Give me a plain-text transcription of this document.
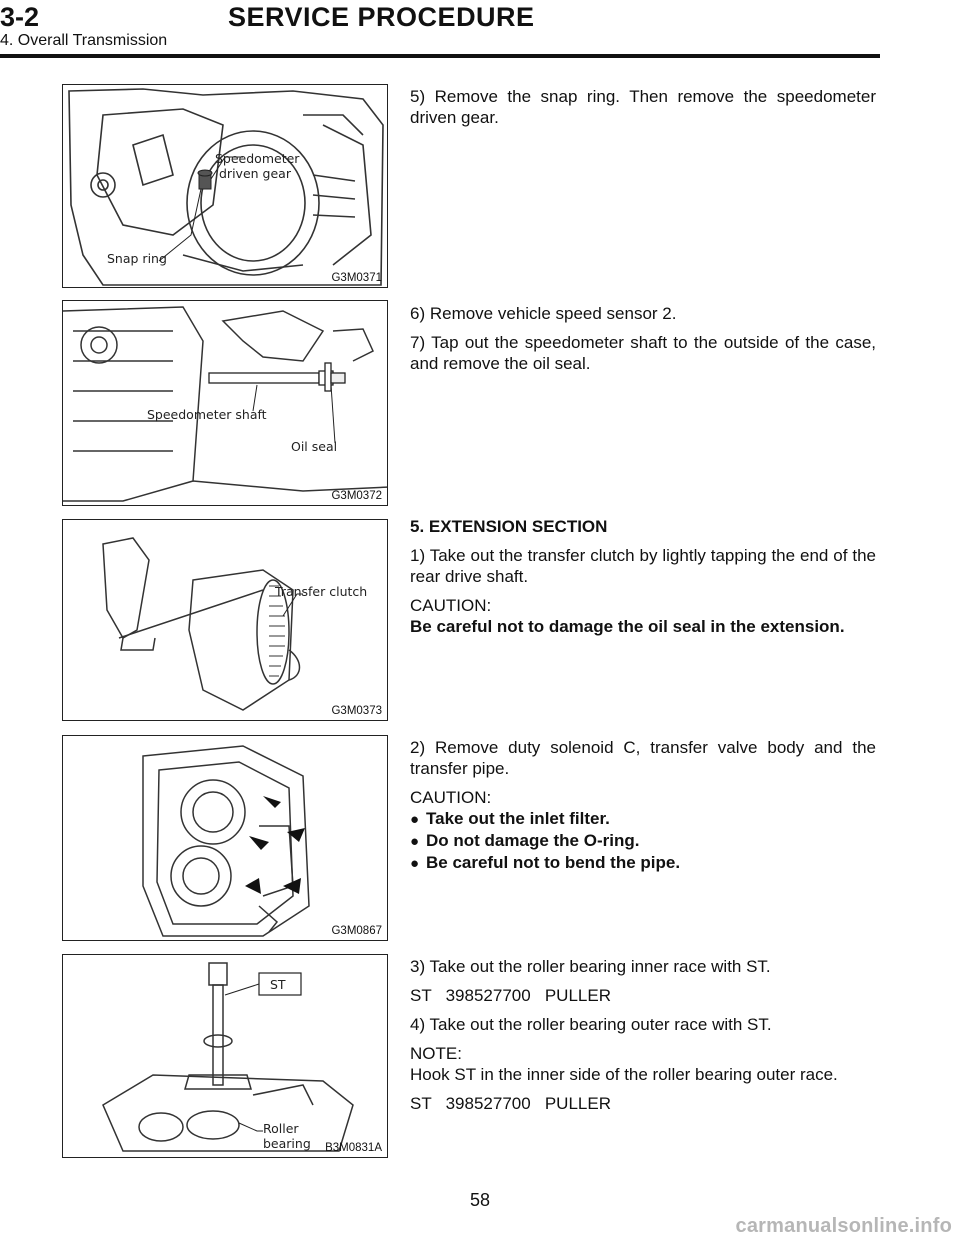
3-2	SERVICE PROCEDURE
4. Overall Transmission
Speedometer
driven gear
Snap ring
G3M0371
Speedometer shaft
Oil seal
G3M0372
Transfer clutch
G3M0373
G3M0867
ST
Roller
bearing B3M0831A

5) Remove the snap ring. Then remove the speedometer driven gear.

6) Remove vehicle speed sensor 2.

7) Tap out the speedometer shaft to the outside of the case, and remove the oil seal.

5. EXTENSION SECTION

1) Take out the transfer clutch by lightly tapping the end of the rear drive shaft.

CAUTION:

Be careful not to damage the oil seal in the extension.

2) Remove duty solenoid C, transfer valve body and the transfer pipe.

CAUTION:

● Take out the inlet filter.
● Do not damage the O-ring.
● Be careful not to bend the pipe.

3) Take out the roller bearing inner race with ST.

ST   398527700   PULLER

4) Take out the roller bearing outer race with ST.

NOTE:

Hook ST in the inner side of the roller bearing outer race.

ST   398527700   PULLER

58
carmanualsonline.info
